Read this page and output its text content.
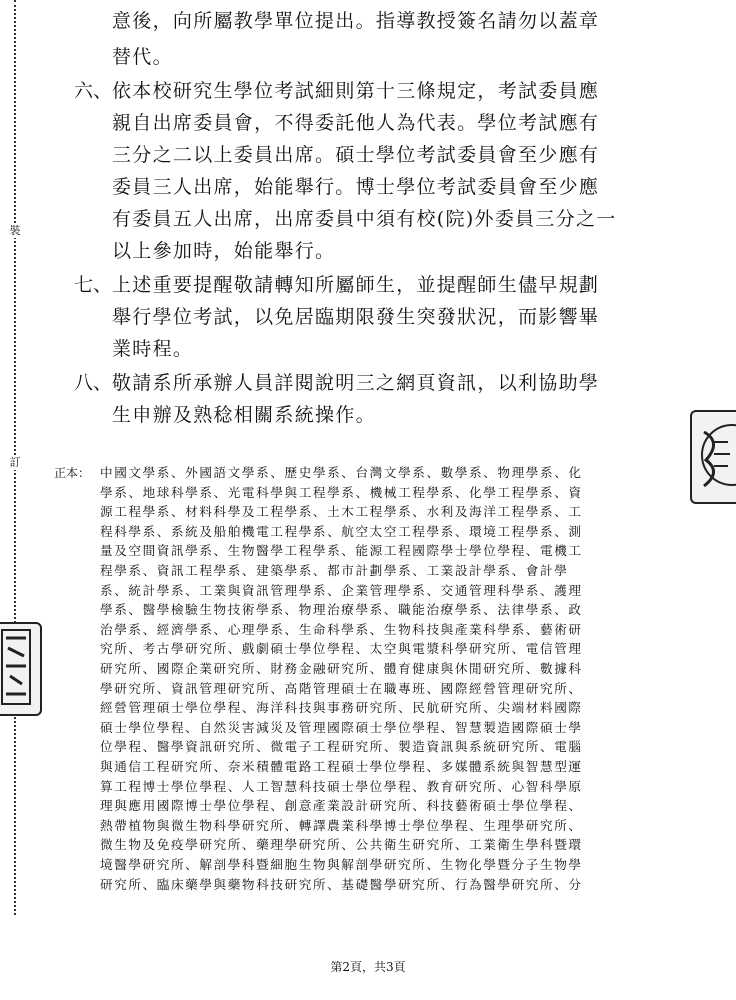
裝
訂
意後，向所屬教學單位提出。指導教授簽名請勿以蓋章
替代。
六、 依本校研究生學位考試細則第十三條規定，考試委員應
親自出席委員會，不得委託他人為代表。學位考試應有
三分之二以上委員出席。碩士學位考試委員會至少應有
委員三人出席，始能舉行。博士學位考試委員會至少應
有委員五人出席，出席委員中須有校(院)外委員三分之一
以上參加時，始能舉行。
七、 上述重要提醒敬請轉知所屬師生，並提醒師生儘早規劃
舉行學位考試，以免居臨期限發生突發狀況，而影響畢
業時程。
八、 敬請系所承辦人員詳閱說明三之網頁資訊，以利協助學
生申辦及熟稔相關系統操作。
正本： 中國文學系、外國語文學系、歷史學系、台灣文學系、數學系、物理學系、化
學系、地球科學系、光電科學與工程學系、機械工程學系、化學工程學系、資
源工程學系、材料科學及工程學系、土木工程學系、水利及海洋工程學系、工
程科學系、系統及船舶機電工程學系、航空太空工程學系、環境工程學系、測
量及空間資訊學系、生物醫學工程學系、能源工程國際學士學位學程、電機工
程學系、資訊工程學系、建築學系、都市計劃學系、工業設計學系、會計學
系、統計學系、工業與資訊管理學系、企業管理學系、交通管理科學系、護理
學系、醫學檢驗生物技術學系、物理治療學系、職能治療學系、法律學系、政
治學系、經濟學系、心理學系、生命科學系、生物科技與產業科學系、藝術研
究所、考古學研究所、戲劇碩士學位學程、太空與電漿科學研究所、電信管理
研究所、國際企業研究所、財務金融研究所、體育健康與休閒研究所、數據科
學研究所、資訊管理研究所、高階管理碩士在職專班、國際經營管理研究所、
經營管理碩士學位學程、海洋科技與事務研究所、民航研究所、尖端材料國際
碩士學位學程、自然災害減災及管理國際碩士學位學程、智慧製造國際碩士學
位學程、醫學資訊研究所、微電子工程研究所、製造資訊與系統研究所、電腦
與通信工程研究所、奈米積體電路工程碩士學位學程、多媒體系統與智慧型運
算工程博士學位學程、人工智慧科技碩士學位學程、教育研究所、心智科學原
理與應用國際博士學位學程、創意產業設計研究所、科技藝術碩士學位學程、
熱帶植物與微生物科學研究所、轉譯農業科學博士學位學程、生理學研究所、
微生物及免疫學研究所、藥理學研究所、公共衛生研究所、工業衛生學科暨環
境醫學研究所、解剖學科暨細胞生物與解剖學研究所、生物化學暨分子生物學
研究所、臨床藥學與藥物科技研究所、基礎醫學研究所、行為醫學研究所、分
第2頁，共3頁
